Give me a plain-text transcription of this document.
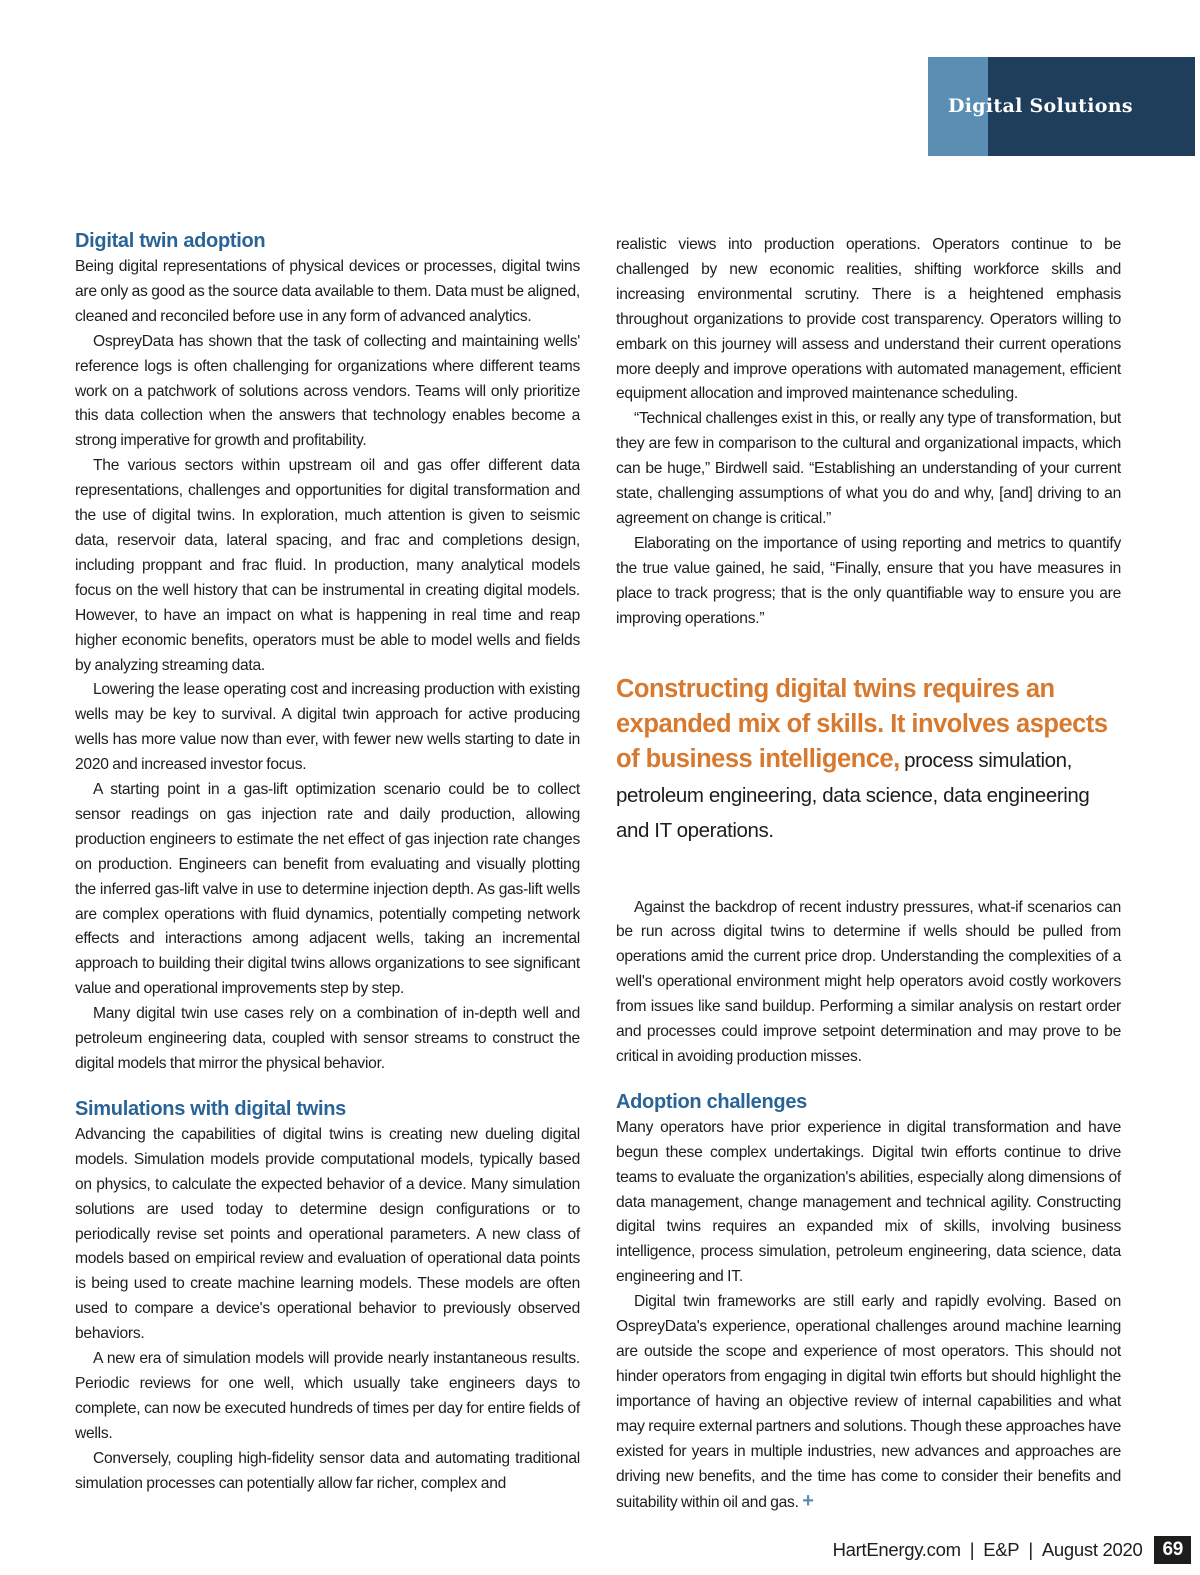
Digital Solutions
Digital twin adoption

Being digital representations of physical devices or processes, digital twins are only as good as the source data available to them. Data must be aligned, cleaned and reconciled before use in any form of advanced analytics.

OspreyData has shown that the task of collecting and maintaining wells' reference logs is often challenging for organizations where different teams work on a patchwork of solutions across vendors. Teams will only prioritize this data collection when the answers that technology enables become a strong imperative for growth and profitability.

The various sectors within upstream oil and gas offer different data representations, challenges and opportunities for digital transformation and the use of digital twins. In exploration, much attention is given to seismic data, reservoir data, lateral spacing, and frac and completions design, including proppant and frac fluid. In production, many analytical models focus on the well history that can be instrumental in creating digital models. However, to have an impact on what is happening in real time and reap higher economic benefits, operators must be able to model wells and fields by analyzing streaming data.

Lowering the lease operating cost and increasing production with existing wells may be key to survival. A digital twin approach for active producing wells has more value now than ever, with fewer new wells starting to date in 2020 and increased investor focus.

A starting point in a gas-lift optimization scenario could be to collect sensor readings on gas injection rate and daily production, allowing production engineers to estimate the net effect of gas injection rate changes on production. Engineers can benefit from evaluating and visually plotting the inferred gas-lift valve in use to determine injection depth. As gas-lift wells are complex operations with fluid dynamics, potentially competing network effects and interactions among adjacent wells, taking an incremental approach to building their digital twins allows organizations to see significant value and operational improvements step by step.

Many digital twin use cases rely on a combination of in-depth well and petroleum engineering data, coupled with sensor streams to construct the digital models that mirror the physical behavior.

Simulations with digital twins

Advancing the capabilities of digital twins is creating new dueling digital models. Simulation models provide computational models, typically based on physics, to calculate the expected behavior of a device. Many simulation solutions are used today to determine design configurations or to periodically revise set points and operational parameters. A new class of models based on empirical review and evaluation of operational data points is being used to create machine learning models. These models are often used to compare a device's operational behavior to previously observed behaviors.

A new era of simulation models will provide nearly instantaneous results. Periodic reviews for one well, which usually take engineers days to complete, can now be executed hundreds of times per day for entire fields of wells.

Conversely, coupling high-fidelity sensor data and automating traditional simulation processes can potentially allow far richer, complex and

realistic views into production operations. Operators continue to be challenged by new economic realities, shifting workforce skills and increasing environmental scrutiny. There is a heightened emphasis throughout organizations to provide cost transparency. Operators willing to embark on this journey will assess and understand their current operations more deeply and improve operations with automated management, efficient equipment allocation and improved maintenance scheduling.

“Technical challenges exist in this, or really any type of transformation, but they are few in comparison to the cultural and organizational impacts, which can be huge,” Birdwell said. “Establishing an understanding of your current state, challenging assumptions of what you do and why, [and] driving to an agreement on change is critical.”

Elaborating on the importance of using reporting and metrics to quantify the true value gained, he said, “Finally, ensure that you have measures in place to track progress; that is the only quantifiable way to ensure you are improving operations.”

Constructing digital twins requires an expanded mix of skills. It involves aspects of business intelligence, process simulation, petroleum engineering, data science, data engineering and IT operations.

Against the backdrop of recent industry pressures, what-if scenarios can be run across digital twins to determine if wells should be pulled from operations amid the current price drop. Understanding the complexities of a well's operational environment might help operators avoid costly workovers from issues like sand buildup. Performing a similar analysis on restart order and processes could improve setpoint determination and may prove to be critical in avoiding production misses.

Adoption challenges

Many operators have prior experience in digital transformation and have begun these complex undertakings. Digital twin efforts continue to drive teams to evaluate the organization's abilities, especially along dimensions of data management, change management and technical agility. Constructing digital twins requires an expanded mix of skills, involving business intelligence, process simulation, petroleum engineering, data science, data engineering and IT.

Digital twin frameworks are still early and rapidly evolving. Based on OspreyData's experience, operational challenges around machine learning are outside the scope and experience of most operators. This should not hinder operators from engaging in digital twin efforts but should highlight the importance of having an objective review of internal capabilities and what may require external partners and solutions. Though these approaches have existed for years in multiple industries, new advances and approaches are driving new benefits, and the time has come to consider their benefits and suitability within oil and gas. +

HartEnergy.com | E&P | August 2020	69
